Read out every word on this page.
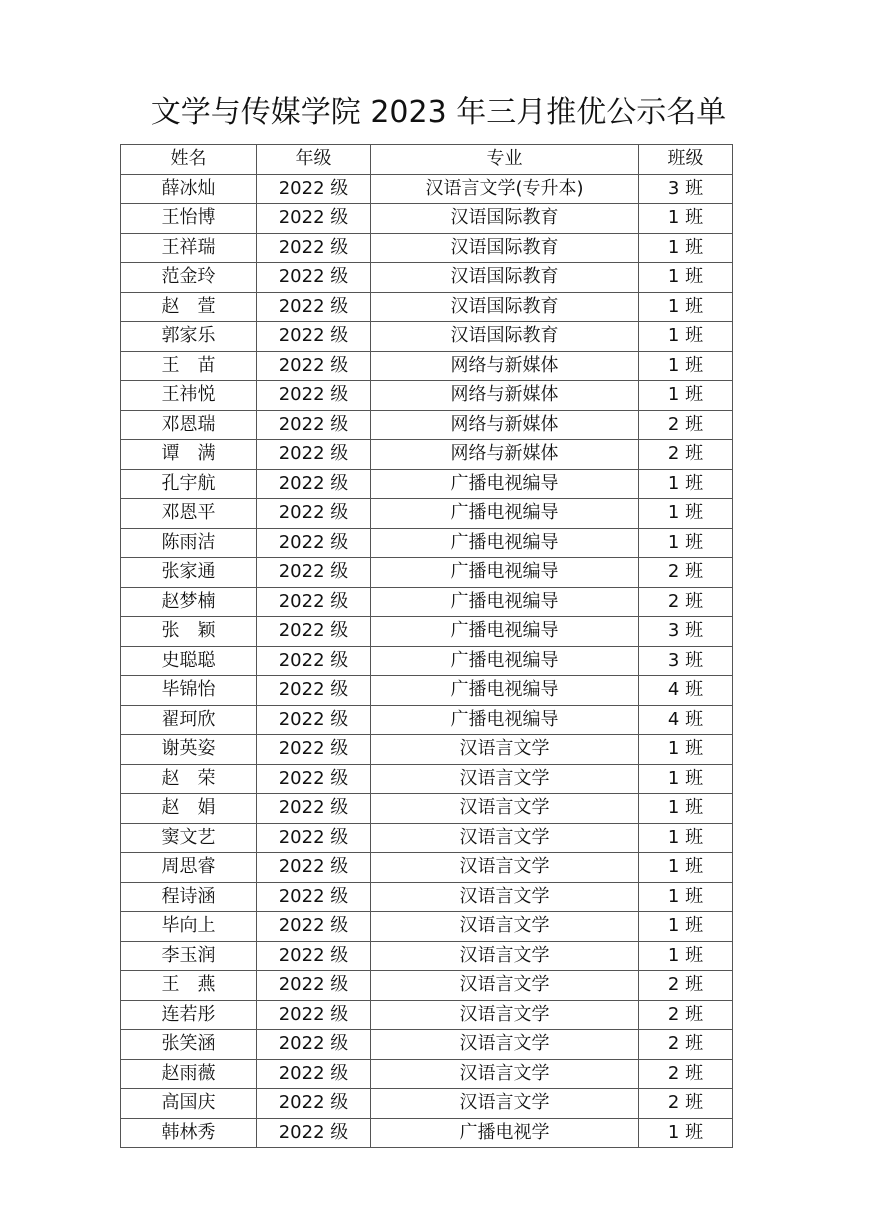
文学与传媒学院 2023 年三月推优公示名单
姓名	年级	专业	班级
薛冰灿	2022 级	汉语言文学(专升本)	3 班
王怡博	2022 级	汉语国际教育	1 班
王祥瑞	2022 级	汉语国际教育	1 班
范金玲	2022 级	汉语国际教育	1 班
赵　萱	2022 级	汉语国际教育	1 班
郭家乐	2022 级	汉语国际教育	1 班
王　苗	2022 级	网络与新媒体	1 班
王祎悦	2022 级	网络与新媒体	1 班
邓恩瑞	2022 级	网络与新媒体	2 班
谭　满	2022 级	网络与新媒体	2 班
孔宇航	2022 级	广播电视编导	1 班
邓恩平	2022 级	广播电视编导	1 班
陈雨洁	2022 级	广播电视编导	1 班
张家通	2022 级	广播电视编导	2 班
赵梦楠	2022 级	广播电视编导	2 班
张　颖	2022 级	广播电视编导	3 班
史聪聪	2022 级	广播电视编导	3 班
毕锦怡	2022 级	广播电视编导	4 班
翟珂欣	2022 级	广播电视编导	4 班
谢英姿	2022 级	汉语言文学	1 班
赵　荣	2022 级	汉语言文学	1 班
赵　娟	2022 级	汉语言文学	1 班
窦文艺	2022 级	汉语言文学	1 班
周思睿	2022 级	汉语言文学	1 班
程诗涵	2022 级	汉语言文学	1 班
毕向上	2022 级	汉语言文学	1 班
李玉润	2022 级	汉语言文学	1 班
王　燕	2022 级	汉语言文学	2 班
连若彤	2022 级	汉语言文学	2 班
张笑涵	2022 级	汉语言文学	2 班
赵雨薇	2022 级	汉语言文学	2 班
高国庆	2022 级	汉语言文学	2 班
韩林秀	2022 级	广播电视学	1 班
